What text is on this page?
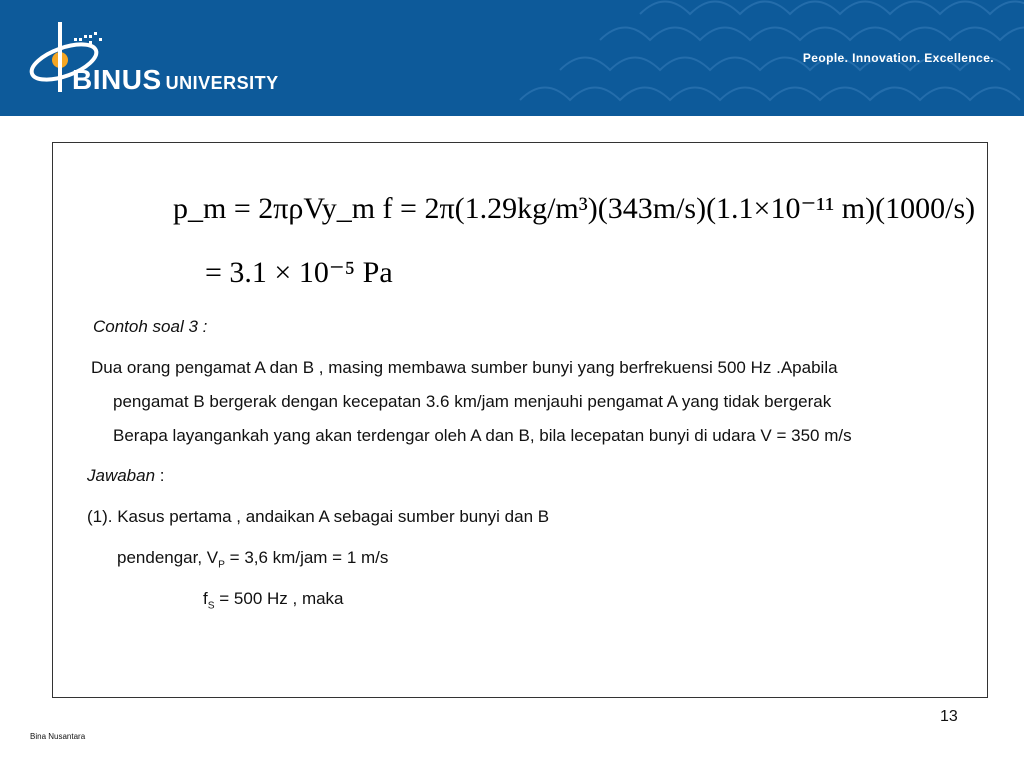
BINUS UNIVERSITY
People. Innovation. Excellence.
p_m = 2πρVy_m f = 2π(1.29kg/m³)(343m/s)(1.1×10⁻¹¹ m)(1000/s)
= 3.1 × 10⁻⁵ Pa
Contoh soal 3 :
Dua orang pengamat A dan B , masing membawa sumber bunyi yang berfrekuensi 500 Hz .Apabila
pengamat B bergerak dengan kecepatan 3.6 km/jam menjauhi pengamat A yang tidak bergerak
Berapa layangankah yang akan terdengar oleh A dan B, bila lecepatan bunyi di udara V = 350 m/s
Jawaban :
(1). Kasus pertama , andaikan A sebagai sumber bunyi dan B
pendengar, $V_P = 3,6$ km/jam = 1 m/s
$f_S = 500$ Hz , maka
13
Bina Nusantara
